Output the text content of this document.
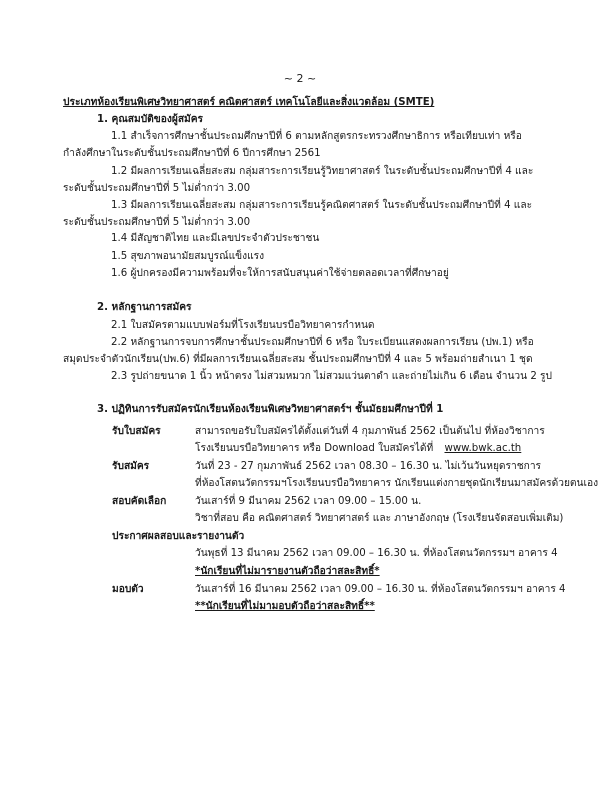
~ 2 ~
ประเภทห้องเรียนพิเศษวิทยาศาสตร์ คณิตศาสตร์ เทคโนโลยีและสิ่งแวดล้อม (SMTE)
1. คุณสมบัติของผู้สมัคร
1.1 สำเร็จการศึกษาชั้นประถมศึกษาปีที่ 6 ตามหลักสูตรกระทรวงศึกษาธิการ หรือเทียบเท่า หรือ
กำลังศึกษาในระดับชั้นประถมศึกษาปีที่ 6 ปีการศึกษา 2561
1.2 มีผลการเรียนเฉลี่ยสะสม กลุ่มสาระการเรียนรู้วิทยาศาสตร์ ในระดับชั้นประถมศึกษาปีที่ 4 และ
ระดับชั้นประถมศึกษาปีที่ 5 ไม่ต่ำกว่า 3.00
1.3 มีผลการเรียนเฉลี่ยสะสม กลุ่มสาระการเรียนรู้คณิตศาสตร์ ในระดับชั้นประถมศึกษาปีที่ 4 และ
ระดับชั้นประถมศึกษาปีที่ 5 ไม่ต่ำกว่า 3.00
1.4 มีสัญชาติไทย และมีเลขประจำตัวประชาชน
1.5 สุขภาพอนามัยสมบูรณ์แข็งแรง
1.6 ผู้ปกครองมีความพร้อมที่จะให้การสนับสนุนค่าใช้จ่ายตลอดเวลาที่ศึกษาอยู่
2. หลักฐานการสมัคร
2.1 ใบสมัครตามแบบฟอร์มที่โรงเรียนบรบือวิทยาคารกำหนด
2.2 หลักฐานการจบการศึกษาชั้นประถมศึกษาปีที่ 6 หรือ ใบระเบียนแสดงผลการเรียน (ปพ.1) หรือ
สมุดประจำตัวนักเรียน(ปพ.6) ที่มีผลการเรียนเฉลี่ยสะสม ชั้นประถมศึกษาปีที่ 4 และ 5 พร้อมถ่ายสำเนา 1 ชุด
2.3 รูปถ่ายขนาด 1 นิ้ว หน้าตรง ไม่สวมหมวก ไม่สวมแว่นตาดำ และถ่ายไม่เกิน 6 เดือน จำนวน 2 รูป
3. ปฏิทินการรับสมัครนักเรียนห้องเรียนพิเศษวิทยาศาสตร์ฯ ชั้นมัธยมศึกษาปีที่ 1
รับใบสมัคร	สามารถขอรับใบสมัครได้ตั้งแต่วันที่ 4 กุมภาพันธ์ 2562 เป็นต้นไป ที่ห้องวิชาการ
โรงเรียนบรบือวิทยาคาร หรือ Download ใบสมัครได้ที่ www.bwk.ac.th
รับสมัคร	วันที่ 23 - 27 กุมภาพันธ์ 2562 เวลา 08.30 – 16.30 น. ไม่เว้นวันหยุดราชการ
ที่ห้องโสตนวัตกรรมฯโรงเรียนบรบือวิทยาคาร นักเรียนแต่งกายชุดนักเรียนมาสมัครด้วยตนเอง
สอบคัดเลือก	วันเสาร์ที่ 9 มีนาคม 2562 เวลา 09.00 – 15.00 น.
วิชาที่สอบ คือ คณิตศาสตร์ วิทยาศาสตร์ และ ภาษาอังกฤษ (โรงเรียนจัดสอบเพิ่มเติม)
ประกาศผลสอบและรายงานตัว
วันพุธที่ 13 มีนาคม 2562 เวลา 09.00 – 16.30 น. ที่ห้องโสตนวัตกรรมฯ อาคาร 4
*นักเรียนที่ไม่มารายงานตัวถือว่าสละสิทธิ์*
มอบตัว	วันเสาร์ที่ 16 มีนาคม 2562 เวลา 09.00 – 16.30 น. ที่ห้องโสตนวัตกรรมฯ อาคาร 4
**นักเรียนที่ไม่มามอบตัวถือว่าสละสิทธิ์**
